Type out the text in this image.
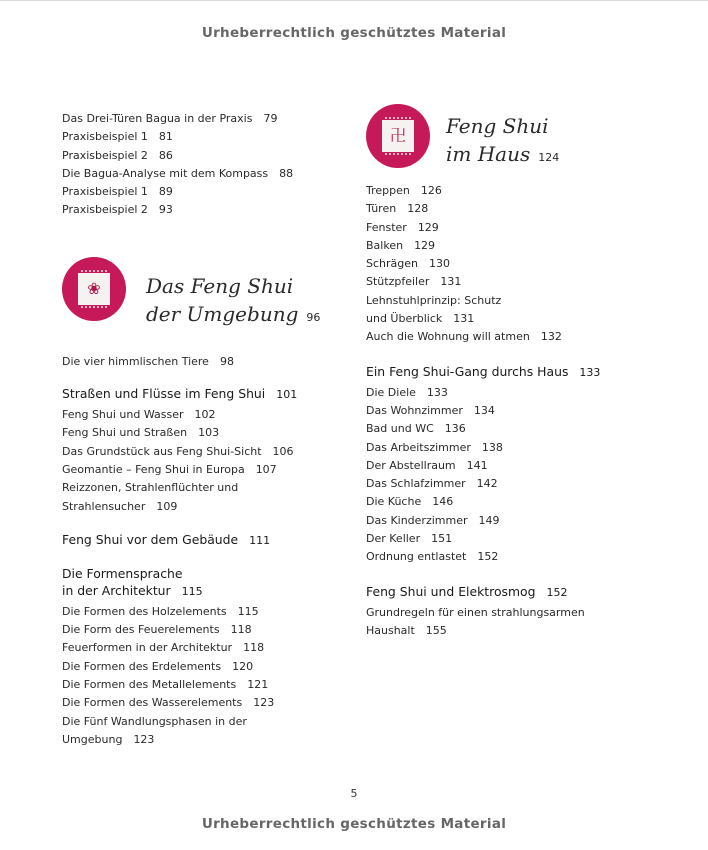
Urheberrechtlich geschütztes Material
Das Drei-Türen Bagua in der Praxis 79
Praxisbeispiel 1 81
Praxisbeispiel 2 86
Die Bagua-Analyse mit dem Kompass 88
Praxisbeispiel 1 89
Praxisbeispiel 2 93
❀	Das Feng Shui
der Umgebung 96
Die vier himmlischen Tiere 98
Straßen und Flüsse im Feng Shui 101
Feng Shui und Wasser 102
Feng Shui und Straßen 103
Das Grundstück aus Feng Shui-Sicht 106
Geomantie – Feng Shui in Europa 107
Reizzonen, Strahlenflüchter und
Strahlensucher 109
Feng Shui vor dem Gebäude 111
Die Formensprache
in der Architektur 115
Die Formen des Holzelements 115
Die Form des Feuerelements 118
Feuerformen in der Architektur 118
Die Formen des Erdelements 120
Die Formen des Metallelements 121
Die Formen des Wasserelements 123
Die Fünf Wandlungsphasen in der
Umgebung 123
卍	Feng Shui
im Haus 124
Treppen 126
Türen 128
Fenster 129
Balken 129
Schrägen 130
Stützpfeiler 131
Lehnstuhlprinzip: Schutz
und Überblick 131
Auch die Wohnung will atmen 132
Ein Feng Shui-Gang durchs Haus 133
Die Diele 133
Das Wohnzimmer 134
Bad und WC 136
Das Arbeitszimmer 138
Der Abstellraum 141
Das Schlafzimmer 142
Die Küche 146
Das Kinderzimmer 149
Der Keller 151
Ordnung entlastet 152
Feng Shui und Elektrosmog 152
Grundregeln für einen strahlungsarmen
Haushalt 155
5
Urheberrechtlich geschütztes Material
